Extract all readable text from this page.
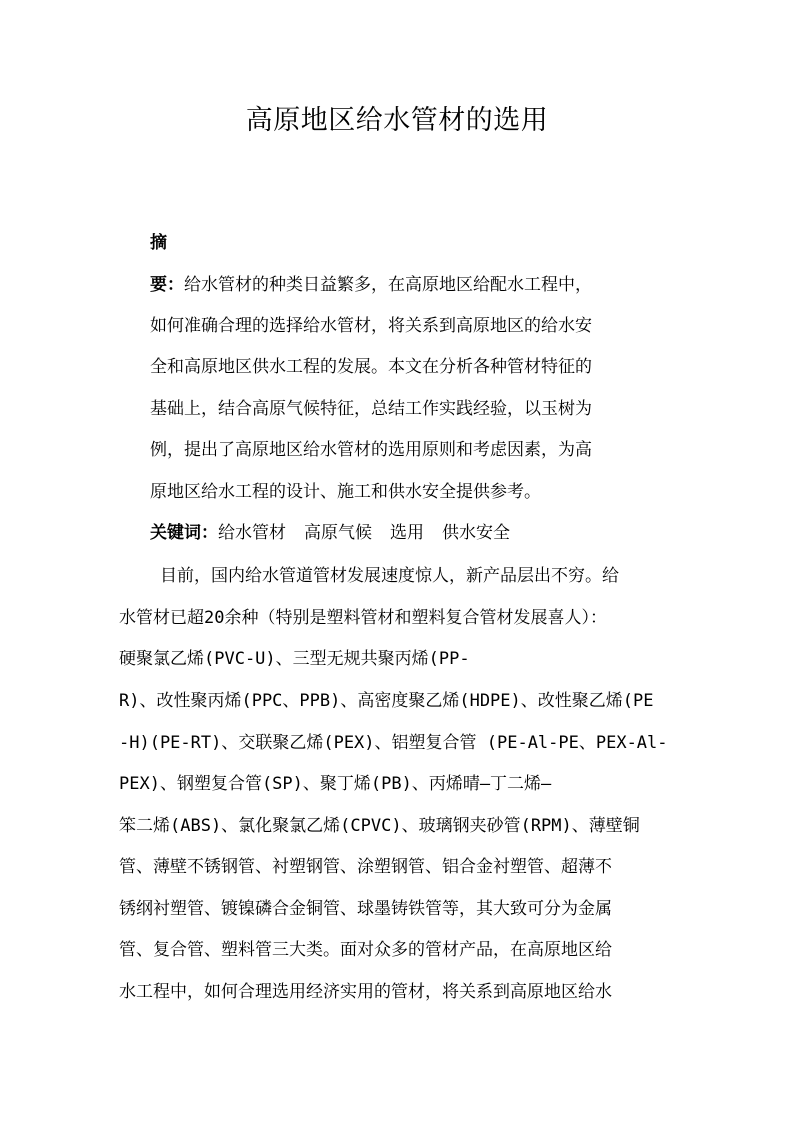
高原地区给水管材的选用
摘
要：给水管材的种类日益繁多，在高原地区给配水工程中，
如何准确合理的选择给水管材，将关系到高原地区的给水安
全和高原地区供水工程的发展。本文在分析各种管材特征的
基础上，结合高原气候特征，总结工作实践经验，以玉树为
例，提出了高原地区给水管材的选用原则和考虑因素，为高
原地区给水工程的设计、施工和供水安全提供参考。
关键词：给水管材 高原气候 选用 供水安全
目前，国内给水管道管材发展速度惊人，新产品层出不穷。给
水管材已超20余种（特别是塑料管材和塑料复合管材发展喜人）：
硬聚氯乙烯(PVC-U)、三型无规共聚丙烯(PP-
R)、改性聚丙烯(PPC、PPB)、高密度聚乙烯(HDPE)、改性聚乙烯(PE
-H)(PE-RT)、交联聚乙烯(PEX)、铝塑复合管 (PE-Al-PE、PEX-Al-
PEX)、钢塑复合管(SP)、聚丁烯(PB)、丙烯晴—丁二烯—
笨二烯(ABS)、氯化聚氯乙烯(CPVC)、玻璃钢夹砂管(RPM)、薄壁铜
管、薄壁不锈钢管、衬塑钢管、涂塑钢管、铝合金衬塑管、超薄不
锈纲衬塑管、镀镍磷合金铜管、球墨铸铁管等，其大致可分为金属
管、复合管、塑料管三大类。面对众多的管材产品，在高原地区给
水工程中，如何合理选用经济实用的管材，将关系到高原地区给水
